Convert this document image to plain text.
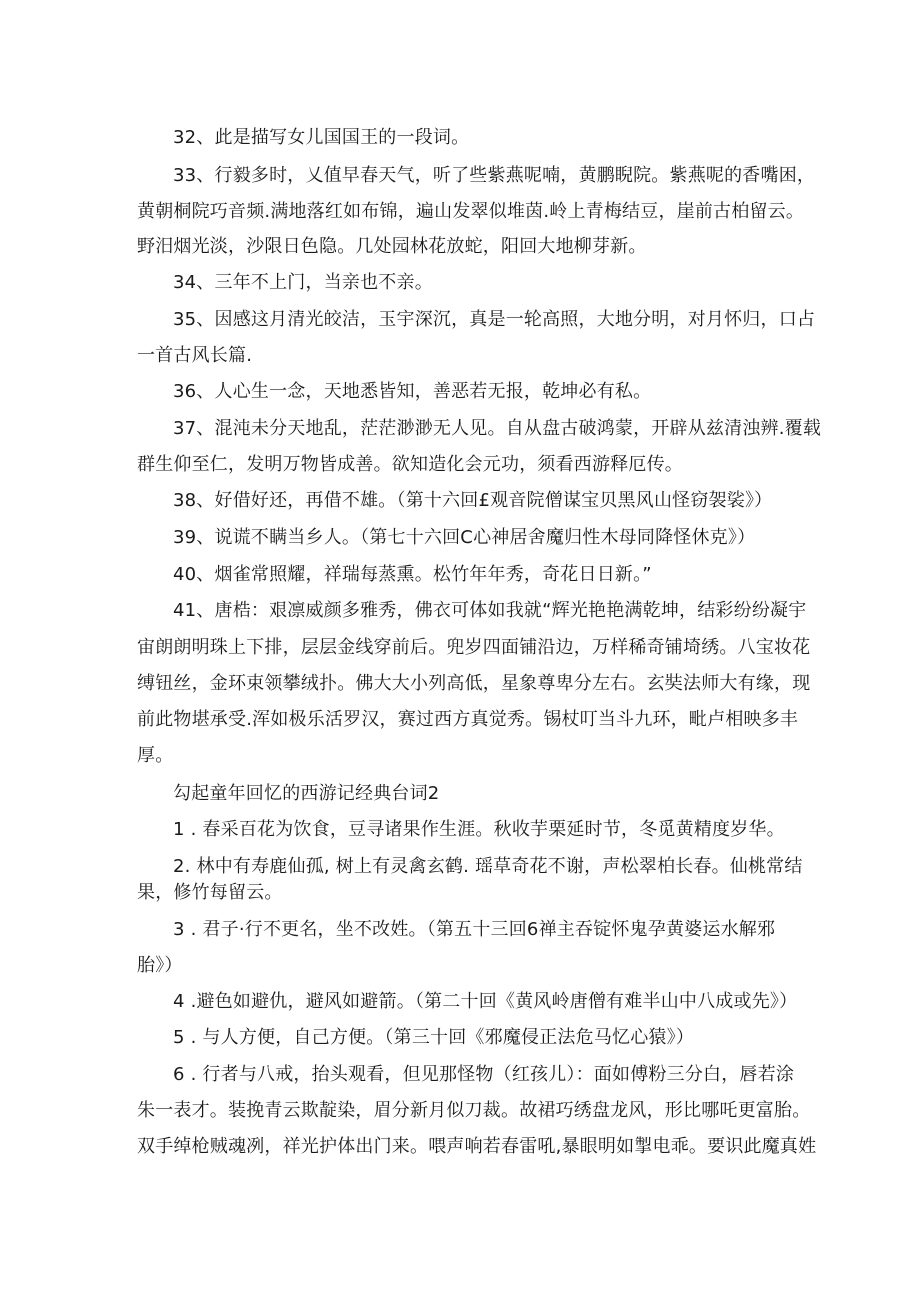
32、此是描写女儿国国王的一段词。
33、行毅多时，乂值早春天气，听了些紫燕呢喃，黄鹏睨院。紫燕呢的香嘴困，
黄朝桐院巧音频.满地落红如布锦，遍山发翠似堆茵.岭上青梅结豆，崖前古柏留云。
野汨烟光淡，沙限日色隐。几处园林花放蛇，阳回大地柳芽新。
34、三年不上门，当亲也不亲。
35、因感这月清光皎洁，玉宇深沉，真是一轮高照，大地分明，对月怀归，口占
一首古风长篇.
36、人心生一念，天地悉皆知，善恶若无报，乾坤必有私。
37、混沌未分天地乱，茫茫渺渺无人见。自从盘古破鸿蒙，开辟从兹清浊辨.覆载
群生仰至仁，发明万物皆成善。欲知造化会元功，须看西游释厄传。
38、好借好还，再借不雄。（第十六回£观音院僧谋宝贝黑风山怪窃袈裟》）
39、说谎不瞒当乡人。（第七十六回C心神居舍魔归性木母同降怪休克》）
40、烟雀常照耀，祥瑞每蒸熏。松竹年年秀，奇花日日新。”
41、唐梏：艰凛威颜多雅秀，佛衣可体如我就“辉光艳艳满乾坤，结彩纷纷凝宇
宙朗朗明珠上下排，层层金线穿前后。兜岁四面铺沿边，万样稀奇铺埼绣。八宝妆花
缚钮丝，金环束领攀绒扑。佛大大小列高低，星象尊卑分左右。玄奘法师大有缘，现
前此物堪承受.浑如极乐活罗汉，赛过西方真觉秀。锡杖叮当斗九环，毗卢相映多丰
厚。
勾起童年回忆的西游记经典台词2
1 . 春采百花为饮食，豆寻诸果作生涯。秋收芋栗延时节，冬觅黄精度岁华。
2. 林中有寿鹿仙孤, 树上有灵禽玄鹤. 瑶草奇花不谢，声松翠柏长春。仙桃常结
果，修竹每留云。
3 . 君子·行不更名，坐不改姓。（第五十三回6禅主吞锭怀鬼孕黄婆运水解邪
胎》）
4 .避色如避仇，避风如避箭。（第二十回《黄风岭唐僧有难半山中八成或先》）
5 . 与人方便，自己方便。（第三十回《邪魔侵正法危马忆心猿》）
6 . 行者与八戒，抬头观看，但见那怪物（红孩儿）：面如傅粉三分白，唇若涂
朱一表才。装挽青云欺靛染，眉分新月似刀裁。故裙巧绣盘龙风，形比哪吒更富胎。
双手绰枪贼魂冽，祥光护体出门来。喂声响若春雷吼,暴眼明如掣电乖。要识此魔真姓
